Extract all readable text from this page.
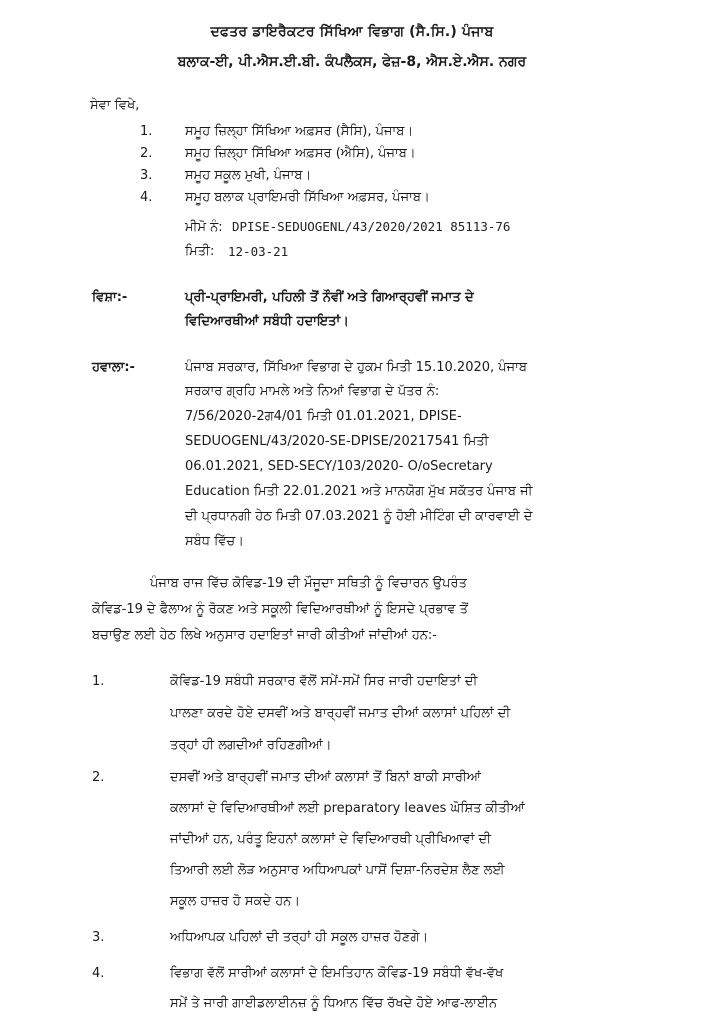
ਦਫਤਰ ਡਾਇਰੈਕਟਰ ਸਿੱਖਿਆ ਵਿਭਾਗ (ਸੈ.ਸਿ.) ਪੰਜਾਬ
ਬਲਾਕ-ਈ, ਪੀ.ਐਸ.ਈ.ਬੀ. ਕੰਪਲੈਕਸ, ਫੇਜ਼-8, ਐਸ.ਏ.ਐਸ. ਨਗਰ
ਸੇਵਾ ਵਿਖੇ,
1.	ਸਮੂਹ ਜ਼ਿਲ੍ਹਾ ਸਿੱਖਿਆ ਅਫ਼ਸਰ (ਸੈਸਿ), ਪੰਜਾਬ।
2.	ਸਮੂਹ ਜ਼ਿਲ੍ਹਾ ਸਿੱਖਿਆ ਅਫ਼ਸਰ (ਐਸਿ), ਪੰਜਾਬ।
3.	ਸਮੂਹ ਸਕੂਲ ਮੁਖੀ, ਪੰਜਾਬ।
4.	ਸਮੂਹ ਬਲਾਕ ਪ੍ਰਾਇਮਰੀ ਸਿੱਖਿਆ ਅਫ਼ਸਰ, ਪੰਜਾਬ।
ਮੀਮੋ ਨੰ: DPISE-SEDUOGENL/43/2020/2021 85113-76
ਮਿਤੀ: 12-03-21
ਵਿਸ਼ਾ:-	ਪ੍ਰੀ-ਪ੍ਰਾਇਮਰੀ, ਪਹਿਲੀ ਤੋਂ ਨੌਵੀਂ ਅਤੇ ਗਿਆਰ੍ਹਵੀਂ ਜਮਾਤ ਦੇ
ਵਿਦਿਆਰਥੀਆਂ ਸਬੰਧੀ ਹਦਾਇਤਾਂ।
ਹਵਾਲਾ:-	ਪੰਜਾਬ ਸਰਕਾਰ, ਸਿੱਖਿਆ ਵਿਭਾਗ ਦੇ ਹੁਕਮ ਮਿਤੀ 15.10.2020, ਪੰਜਾਬ
ਸਰਕਾਰ ਗ੍ਰਹਿ ਮਾਮਲੇ ਅਤੇ ਨਿਆਂ ਵਿਭਾਗ ਦੇ ਪੱਤਰ ਨੰ:
7/56/2020-2ਗ4/01 ਮਿਤੀ 01.01.2021, DPISE-
SEDUOGENL/43/2020-SE-DPISE/20217541 ਮਿਤੀ
06.01.2021, SED-SECY/103/2020- O/oSecretary
Education ਮਿਤੀ 22.01.2021 ਅਤੇ ਮਾਨਯੋਗ ਮੁੱਖ ਸਕੱਤਰ ਪੰਜਾਬ ਜੀ
ਦੀ ਪ੍ਰਧਾਨਗੀ ਹੇਠ ਮਿਤੀ 07.03.2021 ਨੂੰ ਹੋਈ ਮੀਟਿੰਗ ਦੀ ਕਾਰਵਾਈ ਦੇ
ਸਬੰਧ ਵਿੱਚ।
ਪੰਜਾਬ ਰਾਜ ਵਿੱਚ ਕੋਵਿਡ-19 ਦੀ ਮੌਜੂਦਾ ਸਥਿਤੀ ਨੂੰ ਵਿਚਾਰਨ ਉਪਰੰਤ
ਕੋਵਿਡ-19 ਦੇ ਫੈਲਾਅ ਨੂੰ ਰੋਕਣ ਅਤੇ ਸਕੂਲੀ ਵਿਦਿਆਰਥੀਆਂ ਨੂੰ ਇਸਦੇ ਪ੍ਰਭਾਵ ਤੋਂ
ਬਚਾਉਣ ਲਈ ਹੇਠ ਲਿਖੇ ਅਨੁਸਾਰ ਹਦਾਇਤਾਂ ਜਾਰੀ ਕੀਤੀਆਂ ਜਾਂਦੀਆਂ ਹਨ:-
1.	ਕੋਵਿਡ-19 ਸਬੰਧੀ ਸਰਕਾਰ ਵੱਲੋਂ ਸਮੇਂ-ਸਮੇਂ ਸਿਰ ਜਾਰੀ ਹਦਾਇਤਾਂ ਦੀ
ਪਾਲਣਾ ਕਰਦੇ ਹੋਏ ਦਸਵੀਂ ਅਤੇ ਬਾਰ੍ਹਵੀਂ ਜਮਾਤ ਦੀਆਂ ਕਲਾਸਾਂ ਪਹਿਲਾਂ ਦੀ
ਤਰ੍ਹਾਂ ਹੀ ਲਗਦੀਆਂ ਰਹਿਣਗੀਆਂ।
2.	ਦਸਵੀਂ ਅਤੇ ਬਾਰ੍ਹਵੀਂ ਜਮਾਤ ਦੀਆਂ ਕਲਾਸਾਂ ਤੋਂ ਬਿਨਾਂ ਬਾਕੀ ਸਾਰੀਆਂ
ਕਲਾਸਾਂ ਦੇ ਵਿਦਿਆਰਥੀਆਂ ਲਈ preparatory leaves ਘੋਸ਼ਿਤ ਕੀਤੀਆਂ
ਜਾਂਦੀਆਂ ਹਨ, ਪਰੰਤੂ ਇਹਨਾਂ ਕਲਾਸਾਂ ਦੇ ਵਿਦਿਆਰਥੀ ਪ੍ਰੀਖਿਆਵਾਂ ਦੀ
ਤਿਆਰੀ ਲਈ ਲੋੜ ਅਨੁਸਾਰ ਅਧਿਆਪਕਾਂ ਪਾਸੋਂ ਦਿਸ਼ਾ-ਨਿਰਦੇਸ਼ ਲੈਣ ਲਈ
ਸਕੂਲ ਹਾਜ਼ਰ ਹੋ ਸਕਦੇ ਹਨ।
3.	ਅਧਿਆਪਕ ਪਹਿਲਾਂ ਦੀ ਤਰ੍ਹਾਂ ਹੀ ਸਕੂਲ ਹਾਜ਼ਰ ਹੋਣਗੇ।
4.	ਵਿਭਾਗ ਵੱਲੋਂ ਸਾਰੀਆਂ ਕਲਾਸਾਂ ਦੇ ਇਮਤਿਹਾਨ ਕੋਵਿਡ-19 ਸਬੰਧੀ ਵੱਖ-ਵੱਖ
ਸਮੇਂ ਤੇ ਜਾਰੀ ਗਾਈਡਲਾਈਨਜ਼ ਨੂੰ ਧਿਆਨ ਵਿੱਚ ਰੱਖਦੇ ਹੋਏ ਆਫ-ਲਾਈਨ
